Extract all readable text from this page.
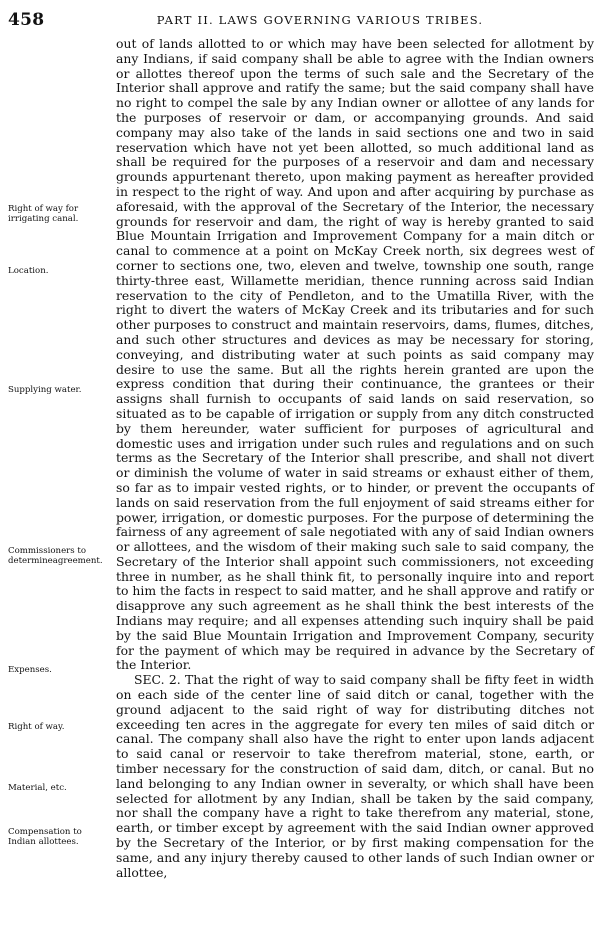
458	PART II. LAWS GOVERNING VARIOUS TRIBES.
Right of way for irrigating canal.
Location.
Supplying water.
Commissioners to determineagreement.
Expenses.
Right of way.
Material, etc.
Compensation to Indian allottees.

out of lands allotted to or which may have been selected for allotment by any Indians, if said company shall be able to agree with the Indian owners or allottes thereof upon the terms of such sale and the Secretary of the Interior shall approve and ratify the same; but the said company shall have no right to compel the sale by any Indian owner or allottee of any lands for the purposes of reservoir or dam, or accompanying grounds. And said company may also take of the lands in said sections one and two in said reservation which have not yet been allotted, so much additional land as shall be required for the purposes of a reservoir and dam and necessary grounds appurtenant thereto, upon making payment as hereafter provided in respect to the right of way. And upon and after acquiring by purchase as aforesaid, with the approval of the Secretary of the Interior, the necessary grounds for reservoir and dam, the right of way is hereby granted to said Blue Mountain Irrigation and Improvement Company for a main ditch or canal to commence at a point on McKay Creek north, six degrees west of corner to sections one, two, eleven and twelve, township one south, range thirty-three east, Willamette meridian, thence running across said Indian reservation to the city of Pendleton, and to the Umatilla River, with the right to divert the waters of McKay Creek and its tributaries and for such other purposes to construct and maintain reservoirs, dams, flumes, ditches, and such other structures and devices as may be necessary for storing, conveying, and distributing water at such points as said company may desire to use the same. But all the rights herein granted are upon the express condition that during their continuance, the grantees or their assigns shall furnish to occupants of said lands on said reservation, so situated as to be capable of irrigation or supply from any ditch constructed by them hereunder, water sufficient for purposes of agricultural and domestic uses and irrigation under such rules and regulations and on such terms as the Secretary of the Interior shall prescribe, and shall not divert or diminish the volume of water in said streams or exhaust either of them, so far as to impair vested rights, or to hinder, or prevent the occupants of lands on said reservation from the full enjoyment of said streams either for power, irrigation, or domestic purposes. For the purpose of determining the fairness of any agreement of sale negotiated with any of said Indian owners or allottees, and the wisdom of their making such sale to said company, the Secretary of the Interior shall appoint such commissioners, not exceeding three in number, as he shall think fit, to personally inquire into and report to him the facts in respect to said matter, and he shall approve and ratify or disapprove any such agreement as he shall think the best interests of the Indians may require; and all expenses attending such inquiry shall be paid by the said Blue Mountain Irrigation and Improvement Company, security for the payment of which may be required in advance by the Secretary of the Interior.

SEC. 2. That the right of way to said company shall be fifty feet in width on each side of the center line of said ditch or canal, together with the ground adjacent to the said right of way for distributing ditches not exceeding ten acres in the aggregate for every ten miles of said ditch or canal. The company shall also have the right to enter upon lands adjacent to said canal or reservoir to take therefrom material, stone, earth, or timber necessary for the construction of said dam, ditch, or canal. But no land belonging to any Indian owner in severalty, or which shall have been selected for allotment by any Indian, shall be taken by the said company, nor shall the company have a right to take therefrom any material, stone, earth, or timber except by agreement with the said Indian owner approved by the Secretary of the Interior, or by first making compensation for the same, and any injury thereby caused to other lands of such Indian owner or allottee,
